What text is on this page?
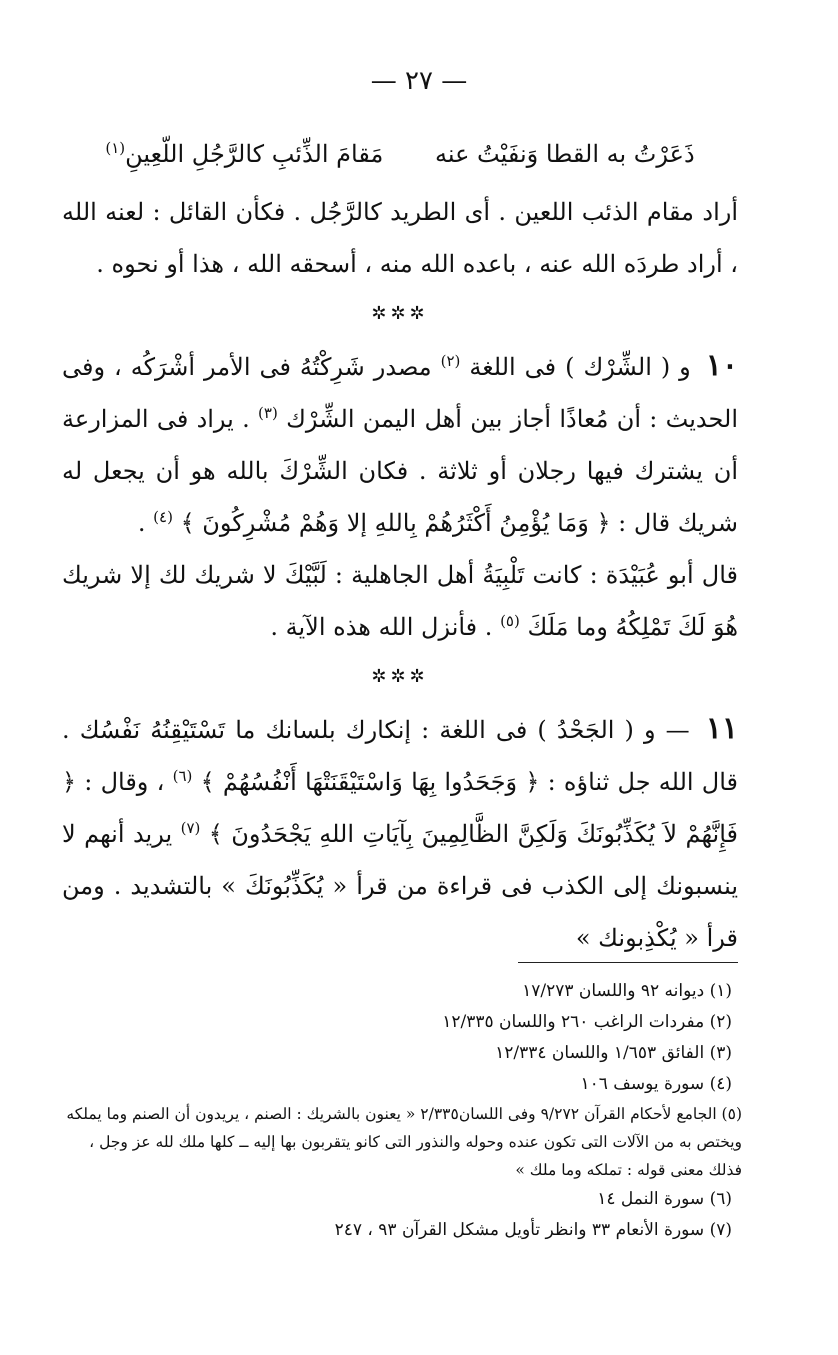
— ٢٧ —

ذَعَرْتُ به القطا وَنفَيْتُ عنه مَقامَ الذِّئبِ كالرَّجُلِ اللّعِينِ$^{(١)}$

أراد مقام الذئب اللعين . أى الطريد كالرَّجُل . فكأن القائل : لعنه الله ، أراد طردَه الله عنه ، باعده الله منه ، أسحقه الله ، هذا أو نحوه .

✲✲✲

١٠ و ( الشِّرْك ) فى اللغة $^{(٢)}$ مصدر شَرِكْتُهُ فى الأمر أشْرَكُه ، وفى الحديث : أن مُعاذًا أجاز بين أهل اليمن الشِّرْك $^{(٣)}$ . يراد فى المزارعة أن يشترك فيها رجلان أو ثلاثة . فكان الشِّرْكَ بالله هو أن يجعل له شريك قال : ﴿ وَمَا يُؤْمِنُ أَكْثَرُهُمْ بِاللهِ إلا وَهُمْ مُشْرِكُونَ ﴾ $^{(٤)}$ .

قال أبو عُبَيْدَة : كانت تَلْبِيَةُ أهل الجاهلية : لَبَّيْكَ لا شريك لك إلا شريك هُوَ لَكَ تَمْلِكُهُ وما مَلَكَ $^{(٥)}$ . فأنزل الله هذه الآية .

✲✲✲

١١ — و ( الجَحْدُ ) فى اللغة : إنكارك بلسانك ما تَسْتَيْقِنُهُ نَفْسُك . قال الله جل ثناؤه : ﴿ وَجَحَدُوا بِهَا وَاسْتَيْقَنَتْهَا أَنْفُسُهُمْ ﴾ $^{(٦)}$ ، وقال : ﴿ فَإِنَّهُمْ لاَ يُكَذِّبُونَكَ وَلَكِنَّ الظَّالِمِينَ بِآيَاتِ اللهِ يَجْحَدُونَ ﴾ $^{(٧)}$ يريد أنهم لا ينسبونك إلى الكذب فى قراءة من قرأ « يُكَذِّبُونَكَ » بالتشديد . ومن قرأ « يُكْذِبونك »

(١) ديوانه ٩٢ واللسان ١٧/٢٧٣

(٢) مفردات الراغب ٢٦٠ واللسان ١٢/٣٣٥

(٣) الفائق ١/٦٥٣ واللسان ١٢/٣٣٤

(٤) سورة يوسف ١٠٦

(٥) الجامع لأحكام القرآن ٩/٢٧٢ وفى اللسان٢/٣٣٥ « يعنون بالشريك : الصنم ، يريدون أن الصنم وما يملكه ويختص به من الآلات التى تكون عنده وحوله والنذور التى كانو يتقربون بها إليه ــ كلها ملك لله عز وجل ، فذلك معنى قوله : تملكه وما ملك »

(٦) سورة النمل ١٤

(٧) سورة الأنعام ٣٣ وانظر تأويل مشكل القرآن ٩٣ ، ٢٤٧
